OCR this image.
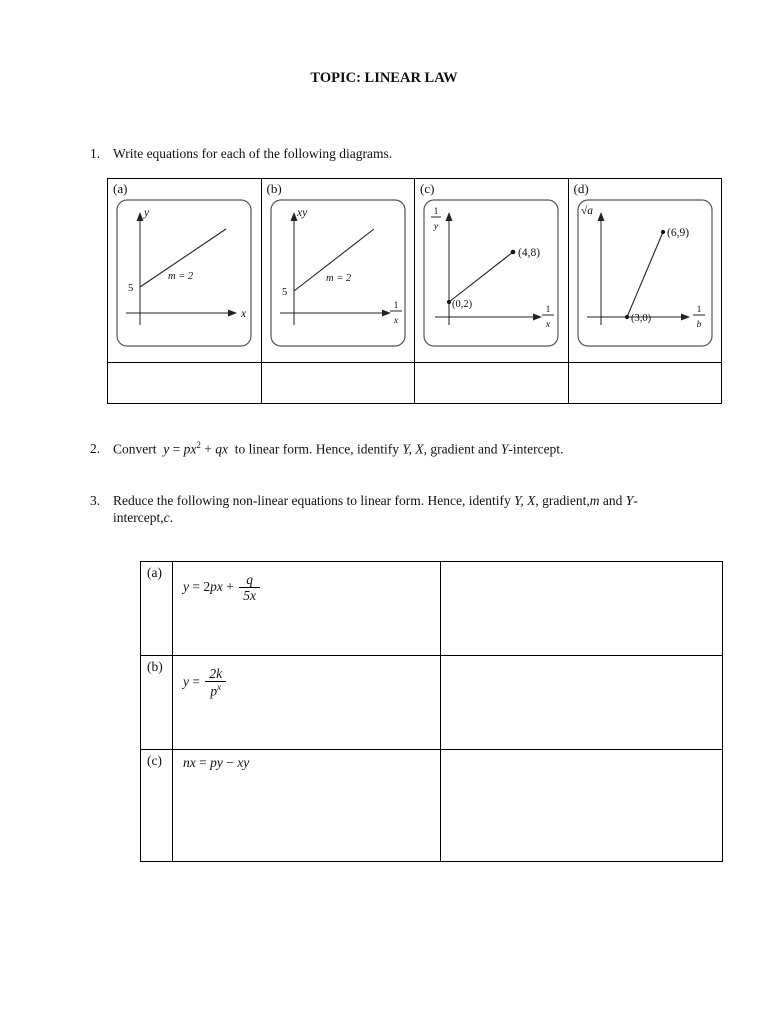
TOPIC: LINEAR LAW
1. Write equations for each of the following diagrams.
(a)
y
x
m = 2
5

(b)
xy
1
x
m = 2
5

(c)
1
y
1
x
(0,2)
(4,8)

(d)
√a
1
b
(3,0)
(6,9)

2. Convert  $y = px^2$ + qx  to linear form. Hence, identify Y, X, gradient and Y-intercept.
3. Reduce the following non-linear equations to linear form. Hence, identify Y, X, gradient,m and Y-
intercept,c.
(a)	$y = 2px + \frac{q}{5x}$

(b)	$y = \frac{2k}{p^x}$

(c)	nx = py − xy	
